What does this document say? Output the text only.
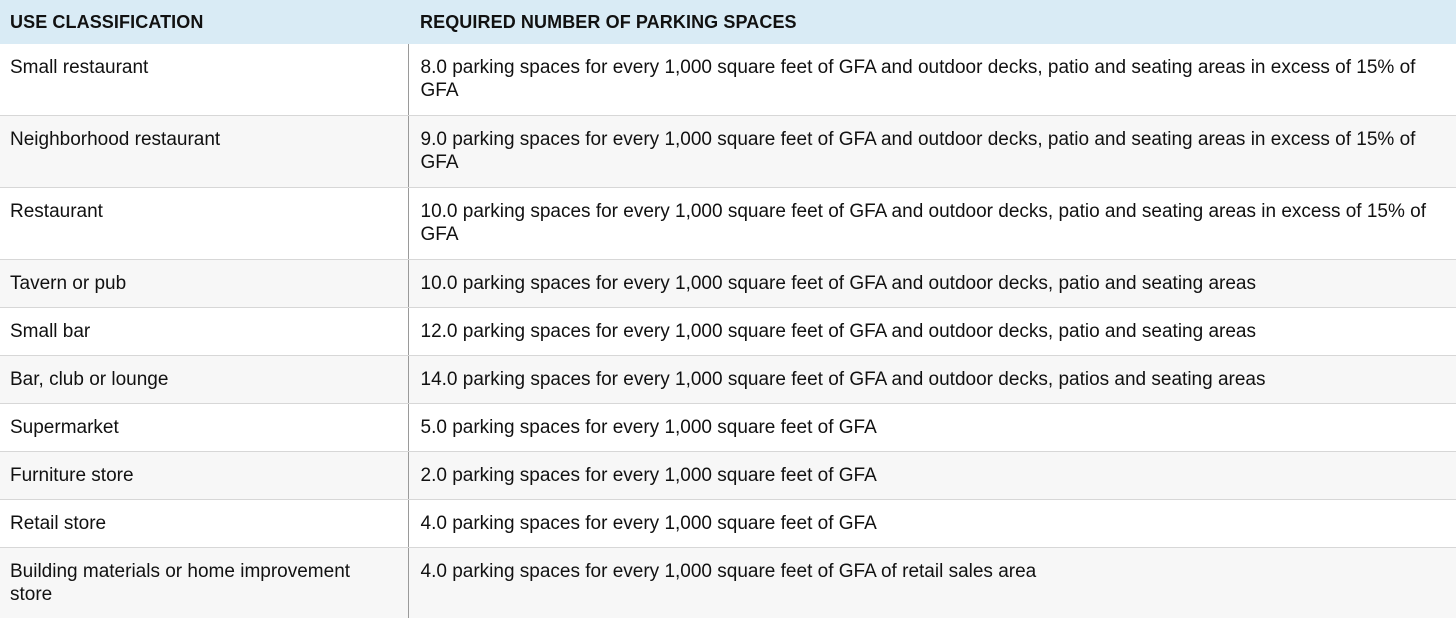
USE CLASSIFICATION	REQUIRED NUMBER OF PARKING SPACES
Small restaurant	8.0 parking spaces for every 1,000 square feet of GFA and outdoor decks, patio and seating areas in excess of 15% of GFA
Neighborhood restaurant	9.0 parking spaces for every 1,000 square feet of GFA and outdoor decks, patio and seating areas in excess of 15% of GFA
Restaurant	10.0 parking spaces for every 1,000 square feet of GFA and outdoor decks, patio and seating areas in excess of 15% of GFA
Tavern or pub	10.0 parking spaces for every 1,000 square feet of GFA and outdoor decks, patio and seating areas
Small bar	12.0 parking spaces for every 1,000 square feet of GFA and outdoor decks, patio and seating areas
Bar, club or lounge	14.0 parking spaces for every 1,000 square feet of GFA and outdoor decks, patios and seating areas
Supermarket	5.0 parking spaces for every 1,000 square feet of GFA
Furniture store	2.0 parking spaces for every 1,000 square feet of GFA
Retail store	4.0 parking spaces for every 1,000 square feet of GFA
Building materials or home improvement store	4.0 parking spaces for every 1,000 square feet of GFA of retail sales area
